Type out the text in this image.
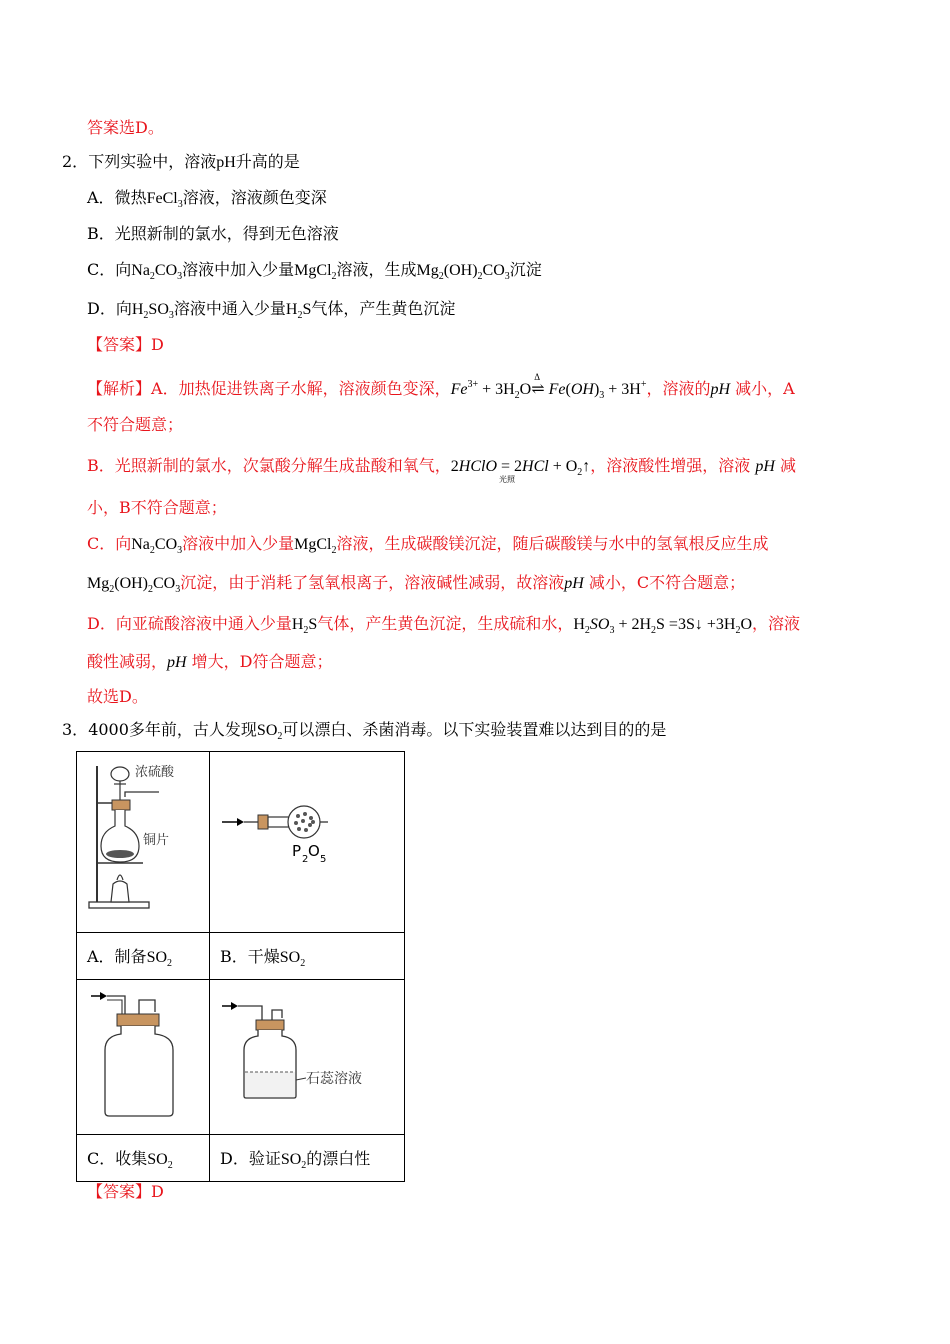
答案选D。
2．下列实验中，溶液pH升高的是
A．微热FeCl$_3$溶液，溶液颜色变深
B．光照新制的氯水，得到无色溶液
C．向$Na_2CO_3$溶液中加入少量MgCl$_2$溶液，生成$Mg_2(OH)_2CO_3$沉淀
D．向$H_2SO_3$溶液中通入少量$H_2S$气体，产生黄色沉淀
【答案】D
【解析】A．加热促进铁离子水解，溶液颜色变深，$Fe^{3+}$ + $3H_2O\rightleftharpoons$
Δ
$Fe(OH)_3 + 3H^+$，溶液的pH 减小，A
不符合题意；
B．光照新制的氯水，次氯酸分解生成盐酸和氧气，2HClO =
光照
$2HCl + O_2↑$，溶液酸性增强，溶液 pH 减
小，B不符合题意；
C．向$Na_2CO_3$溶液中加入少量MgCl$_2$溶液，生成碳酸镁沉淀，随后碳酸镁与水中的氢氧根反应生成
$Mg_2(OH)_2CO_3$沉淀，由于消耗了氢氧根离子，溶液碱性减弱，故溶液pH 减小，C不符合题意；
D．向亚硫酸溶液中通入少量$H_2S$气体，产生黄色沉淀，生成硫和水，$H_2SO_3 + 2H_2S$ =3S↓ $+3H_2O$，溶液
酸性减弱，pH 增大，D符合题意；
故选D。
3．4000多年前，古人发现$SO_2$可以漂白、杀菌消毒。以下实验装置难以达到目的的是
浓硫酸
铜片	P 2 O 5

A．制备$SO_2$	B．干燥$SO_2$

石蕊溶液

C．收集$SO_2$	D．验证$SO_2$的漂白性
【答案】D
